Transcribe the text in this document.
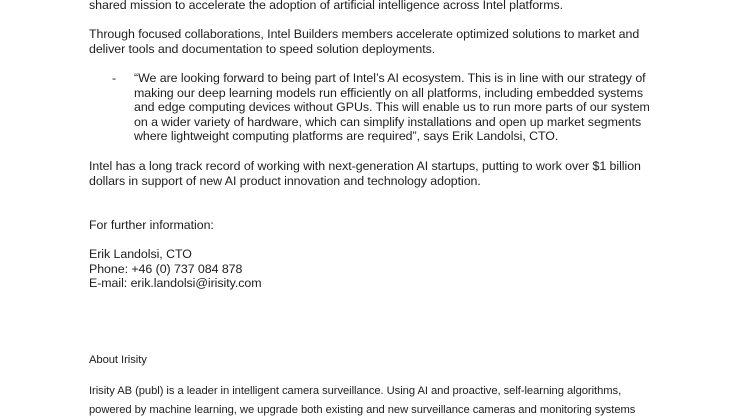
shared mission to accelerate the adoption of artificial intelligence across Intel platforms.
Through focused collaborations, Intel Builders members accelerate optimized solutions to market and
deliver tools and documentation to speed solution deployments.
- “We are looking forward to being part of Intel’s AI ecosystem. This is in line with our strategy of
making our deep learning models run efficiently on all platforms, including embedded systems
and edge computing devices without GPUs. This will enable us to run more parts of our system
on a wider variety of hardware, which can simplify installations and open up market segments
where lightweight computing platforms are required”, says Erik Landolsi, CTO.
Intel has a long track record of working with next-generation AI startups, putting to work over $1 billion
dollars in support of new AI product innovation and technology adoption.
For further information:
Erik Landolsi, CTO
Phone: +46 (0) 737 084 878
E-mail: erik.landolsi@irisity.com
About Irisity
Irisity AB (publ) is a leader in intelligent camera surveillance. Using AI and proactive, self-learning algorithms,
powered by machine learning, we upgrade both existing and new surveillance cameras and monitoring systems
